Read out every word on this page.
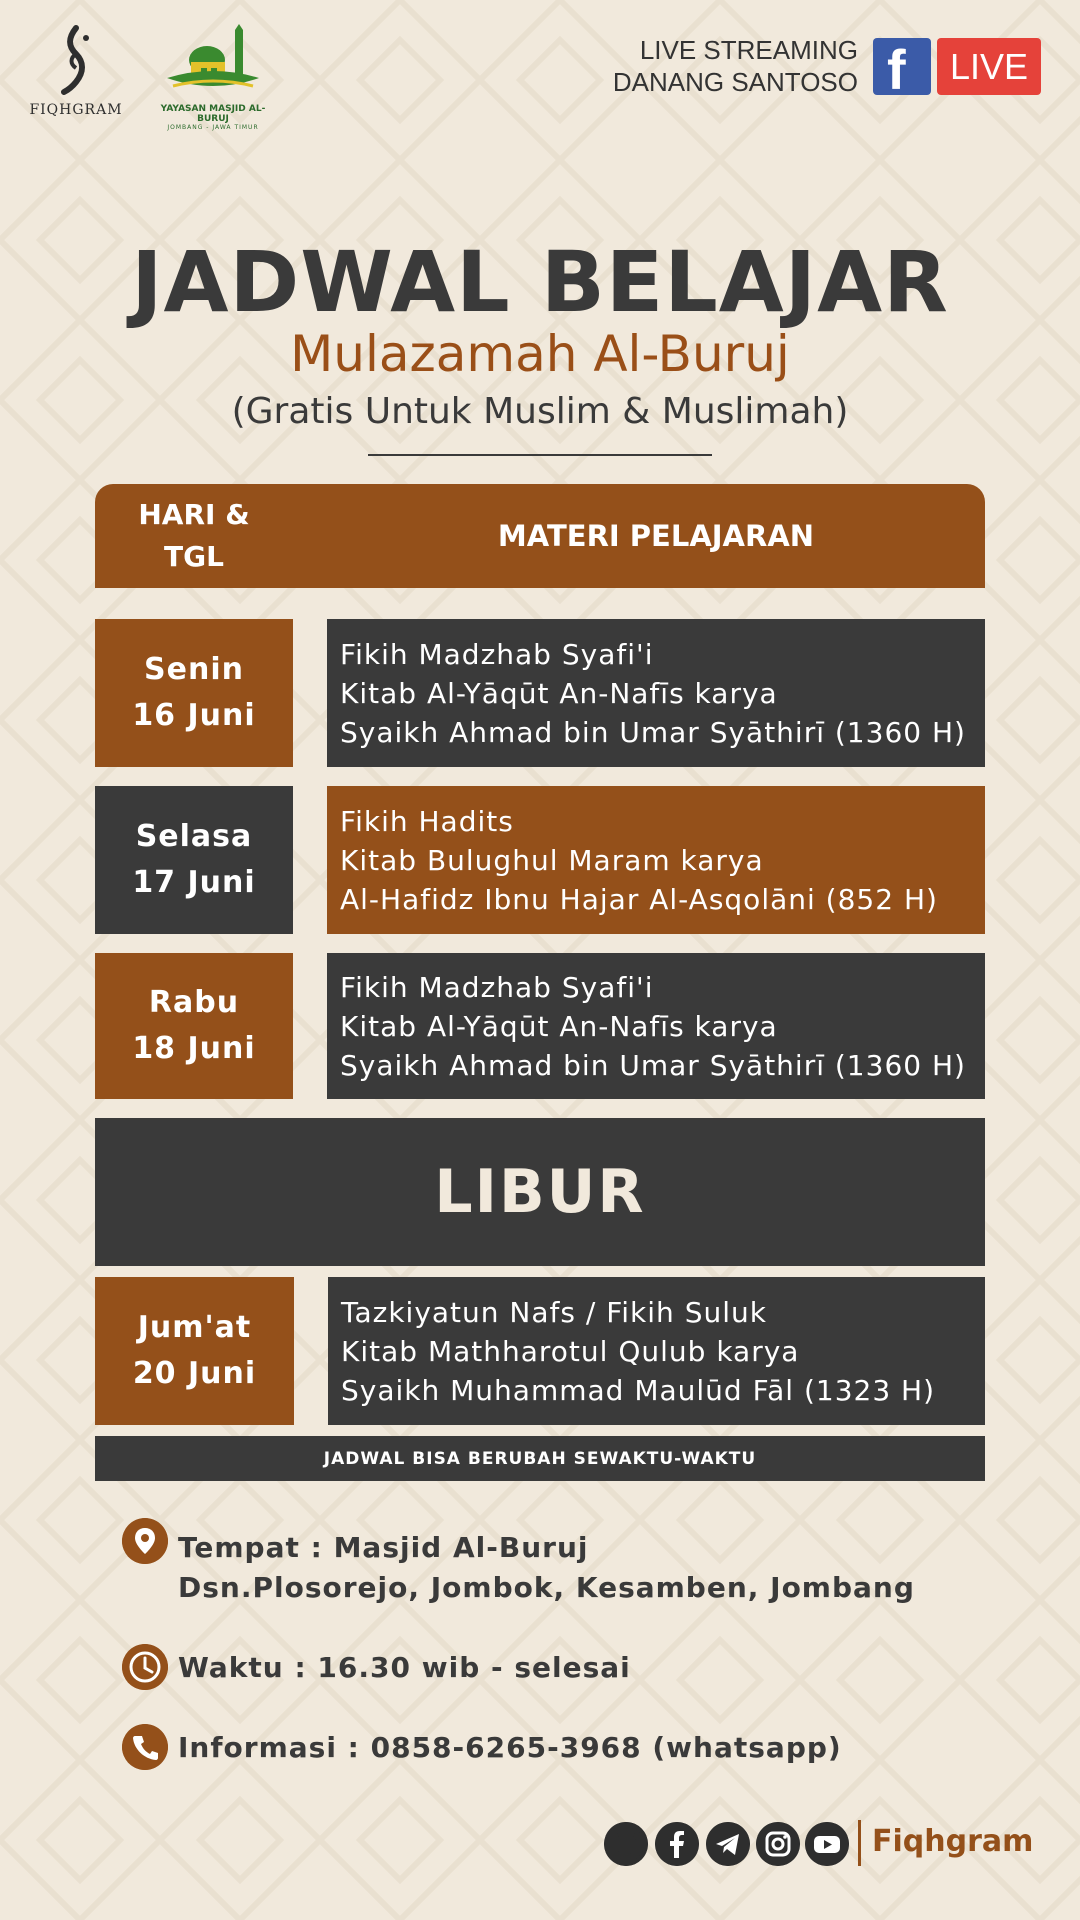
FIQHGRAM	YAYASAN MASJID AL-BURUJ
JOMBANG - JAWA TIMUR
LIVE STREAMING
DANANG SANTOSO f	LIVE
JADWAL BELAJAR
Mulazamah Al-Buruj
(Gratis Untuk Muslim & Muslimah)
HARI &
TGL
MATERI PELAJARAN
Senin
16 Juni
Fikih Madzhab Syafi'i
Kitab Al-Yāqūt An-Nafīs karya
Syaikh Ahmad bin Umar Syāthirī (1360 H)
Selasa
17 Juni
Fikih Hadits
Kitab Bulughul Maram karya
Al-Hafidz Ibnu Hajar Al-Asqolāni (852 H)
Rabu
18 Juni
Fikih Madzhab Syafi'i
Kitab Al-Yāqūt An-Nafīs karya
Syaikh Ahmad bin Umar Syāthirī (1360 H)
LIBUR
Jum'at
20 Juni
Tazkiyatun Nafs / Fikih Suluk
Kitab Mathharotul Qulub karya
Syaikh Muhammad Maulūd Fāl (1323 H)
JADWAL BISA BERUBAH SEWAKTU-WAKTU
Tempat : Masjid Al-Buruj
Dsn.Plosorejo, Jombok, Kesamben, Jombang
Waktu : 16.30 wib - selesai
Informasi : 0858-6265-3968 (whatsapp)
Fiqhgram
